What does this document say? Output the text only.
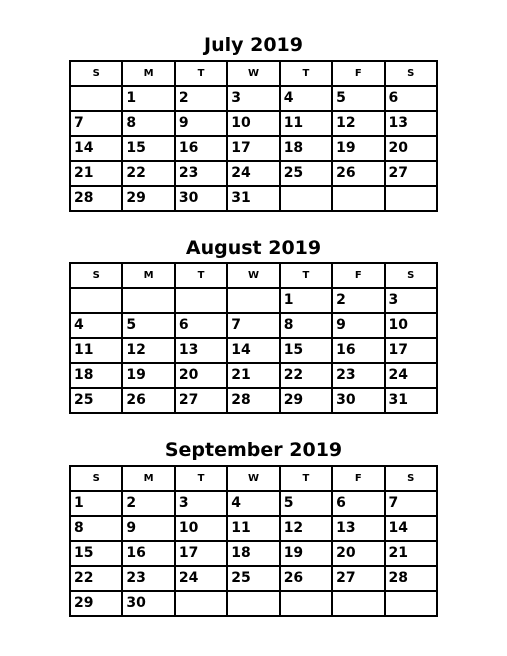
July 2019
S	M	T	W	T	F	S
	1	2	3	4	5	6
7	8	9	10	11	12	13
14	15	16	17	18	19	20
21	22	23	24	25	26	27
28	29	30	31			
August 2019
S	M	T	W	T	F	S
				1	2	3
4	5	6	7	8	9	10
11	12	13	14	15	16	17
18	19	20	21	22	23	24
25	26	27	28	29	30	31
September 2019
S	M	T	W	T	F	S
1	2	3	4	5	6	7
8	9	10	11	12	13	14
15	16	17	18	19	20	21
22	23	24	25	26	27	28
29	30					
